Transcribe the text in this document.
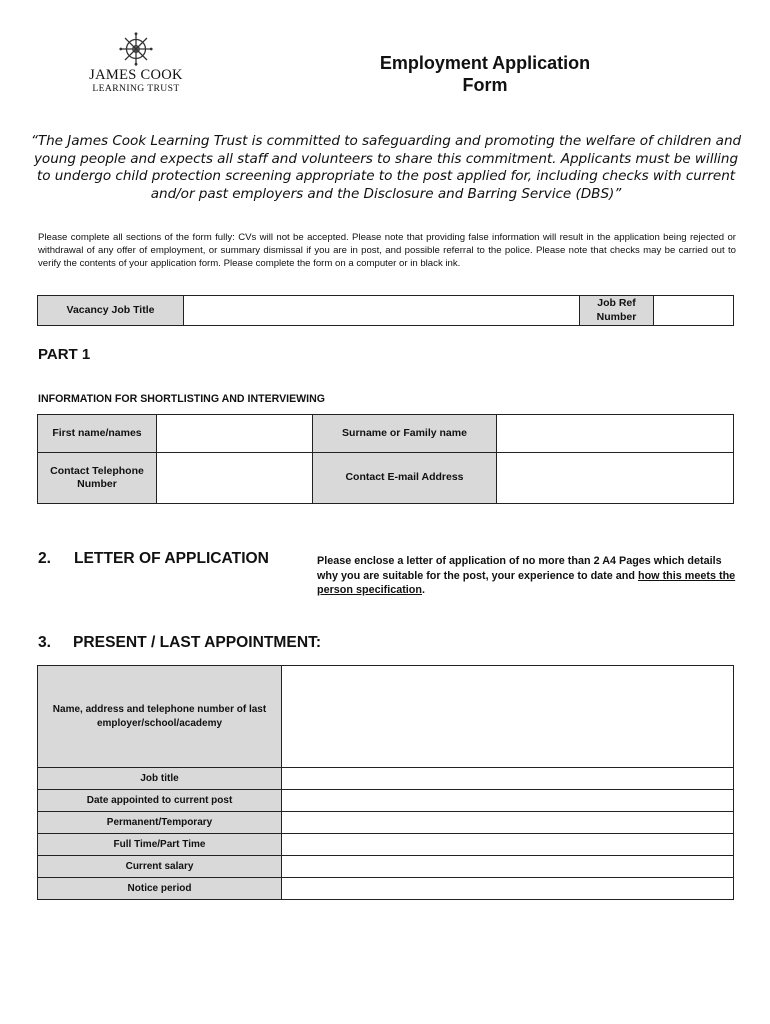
JAMES COOK
LEARNING TRUST
Employment Application
Form
“The James Cook Learning Trust is committed to safeguarding and promoting the welfare of children and young people and expects all staff and volunteers to share this commitment. Applicants must be willing to undergo child protection screening appropriate to the post applied for, including checks with current and/or past employers and the Disclosure and Barring Service (DBS)”
Please complete all sections of the form fully: CVs will not be accepted. Please note that providing false information will result in the application being rejected or withdrawal of any offer of employment, or summary dismissal if you are in post, and possible referral to the police. Please note that checks may be carried out to verify the contents of your application form. Please complete the form on a computer or in black ink.
Vacancy Job Title		Job Ref Number	
PART 1
INFORMATION FOR SHORTLISTING AND INTERVIEWING
First name/names		Surname or Family name	
Contact Telephone Number		Contact E-mail Address	
2. LETTER OF APPLICATION	Please enclose a letter of application of no more than 2 A4 Pages which details why you are suitable for the post, your experience to date and how this meets the person specification.
3. PRESENT / LAST APPOINTMENT:
Name, address and telephone number of last employer/school/academy	
Job title	
Date appointed to current post	
Permanent/Temporary	
Full Time/Part Time	
Current salary	
Notice period	
